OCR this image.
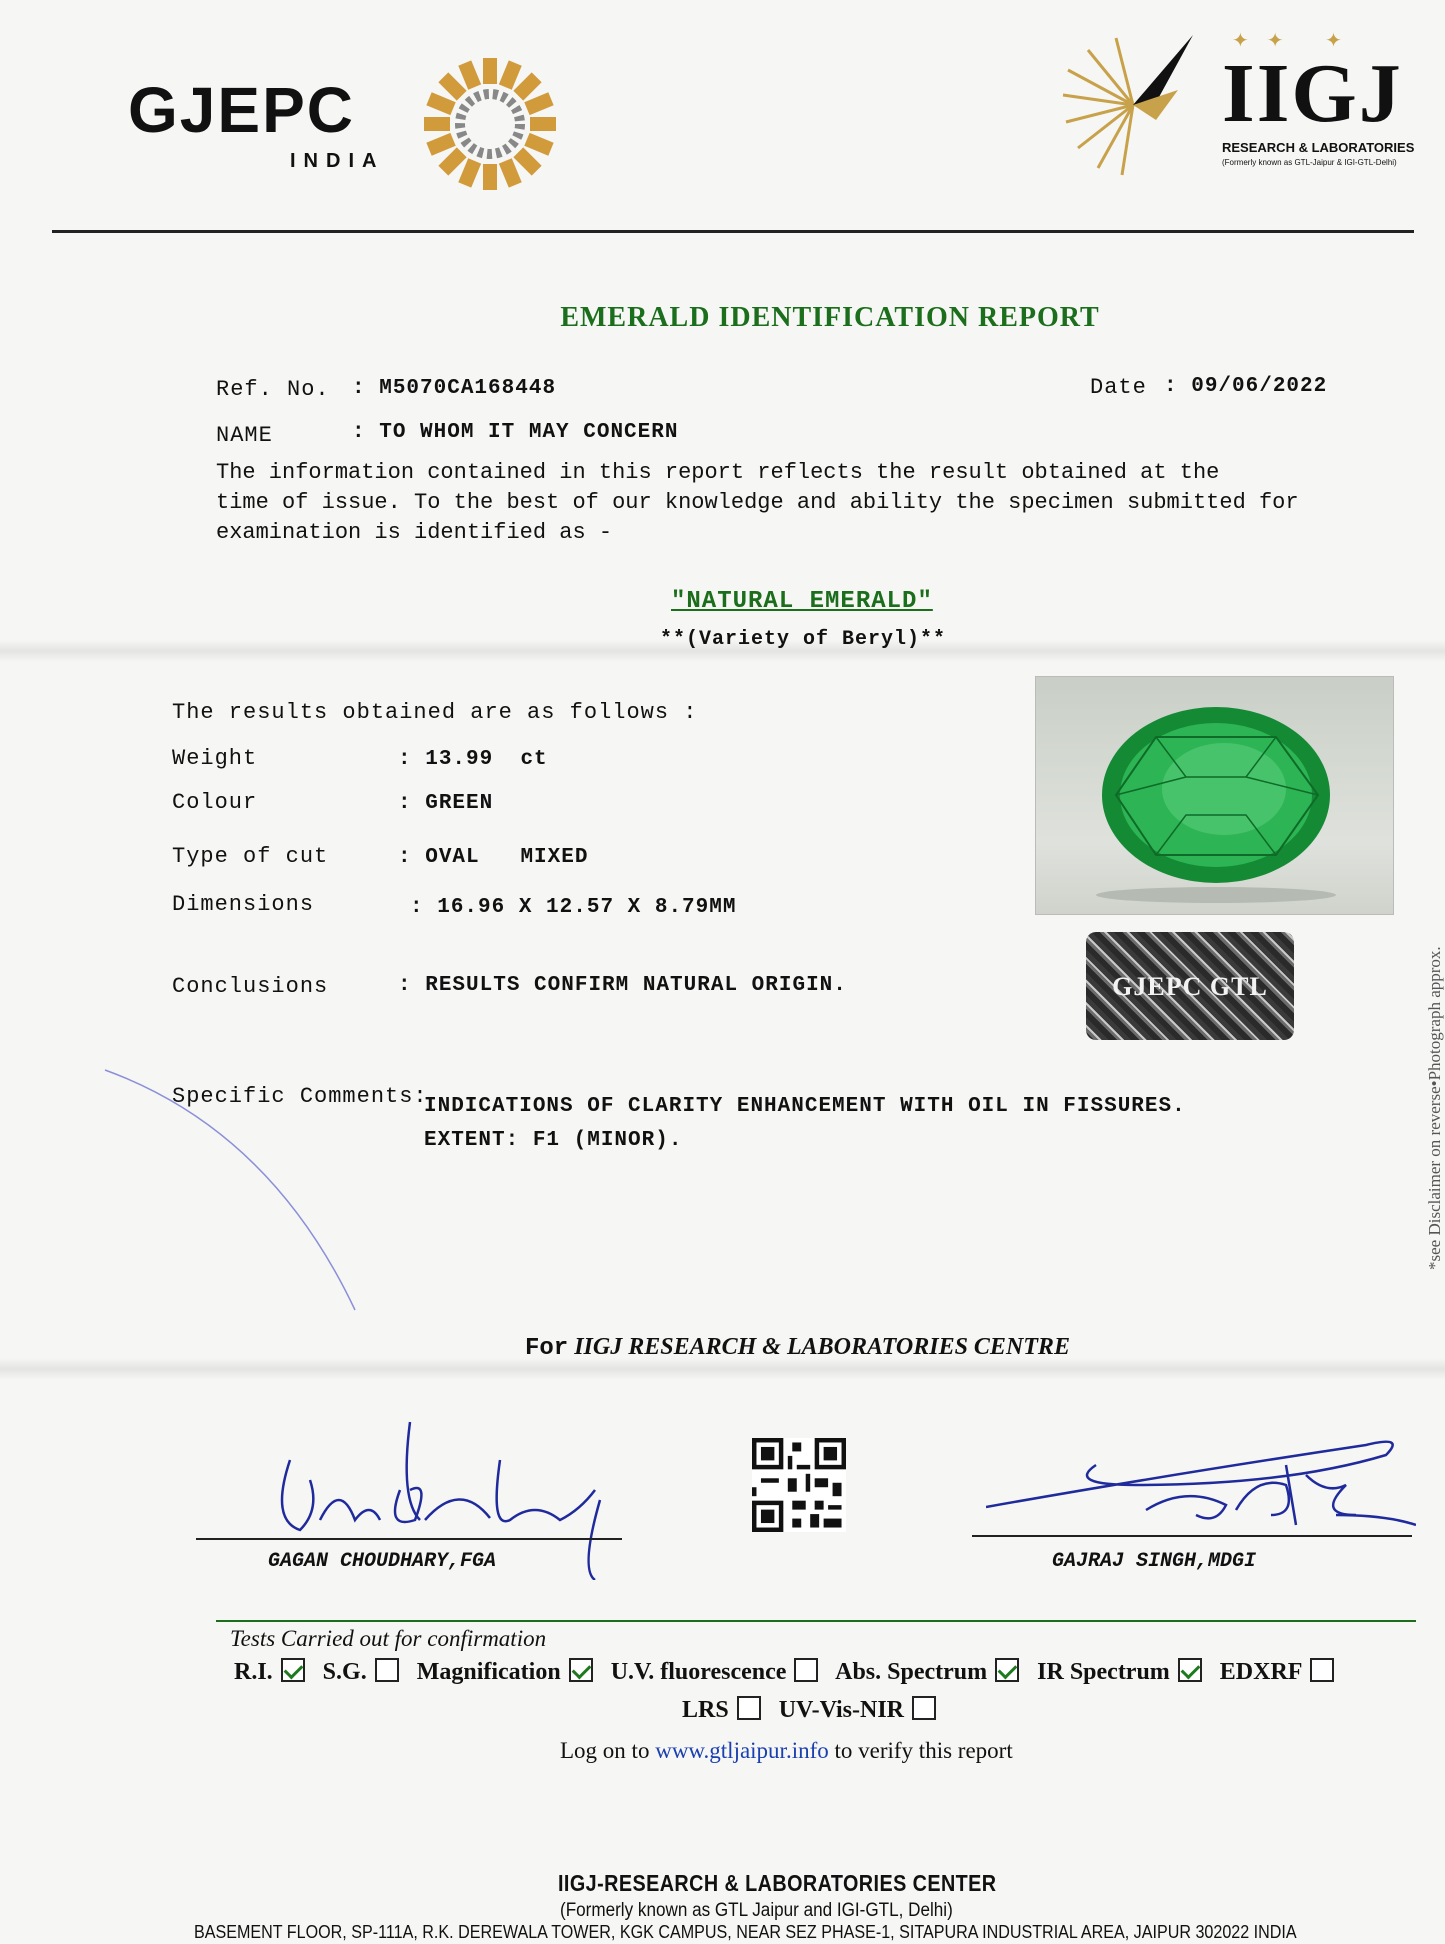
GJEPC
INDIA
✦✦ ✦
IIGJ
RESEARCH & LABORATORIES
(Formerly known as GTL-Jaipur & IGI-GTL-Delhi)
EMERALD IDENTIFICATION REPORT
Ref. No. : M5070CA168448	Date : 09/06/2022
NAME	: TO WHOM IT MAY CONCERN
The information contained in this report reflects the result obtained at the
time of issue. To the best of our knowledge and ability the specimen submitted for
examination is identified as -
"NATURAL EMERALD"
**(Variety of Beryl)**
The results obtained are as follows :
Weight	: 13.99 ct
Colour	: GREEN
Type of cut	: OVAL MIXED
Dimensions	: 16.96 X 12.57 X 8.79MM
Conclusions	: RESULTS CONFIRM NATURAL ORIGIN.	GJEPC GTL	*see Disclaimer on reverse•Photograph approx.
Specific Comments:
INDICATIONS OF CLARITY ENHANCEMENT WITH OIL IN FISSURES.
EXTENT: F1 (MINOR).
For IIGJ RESEARCH & LABORATORIES CENTRE
GAGAN CHOUDHARY,FGA	GAJRAJ SINGH,MDGI
Tests Carried out for confirmation
R.I. S.G. Magnification U.V. fluorescence Abs. Spectrum IR Spectrum EDXRF
LRS UV-Vis-NIR
Log on to www.gtljaipur.info to verify this report
IIGJ-RESEARCH & LABORATORIES CENTER
(Formerly known as GTL Jaipur and IGI-GTL, Delhi)
BASEMENT FLOOR, SP-111A, R.K. DEREWALA TOWER, KGK CAMPUS, NEAR SEZ PHASE-1, SITAPURA INDUSTRIAL AREA, JAIPUR 302022 INDIA
